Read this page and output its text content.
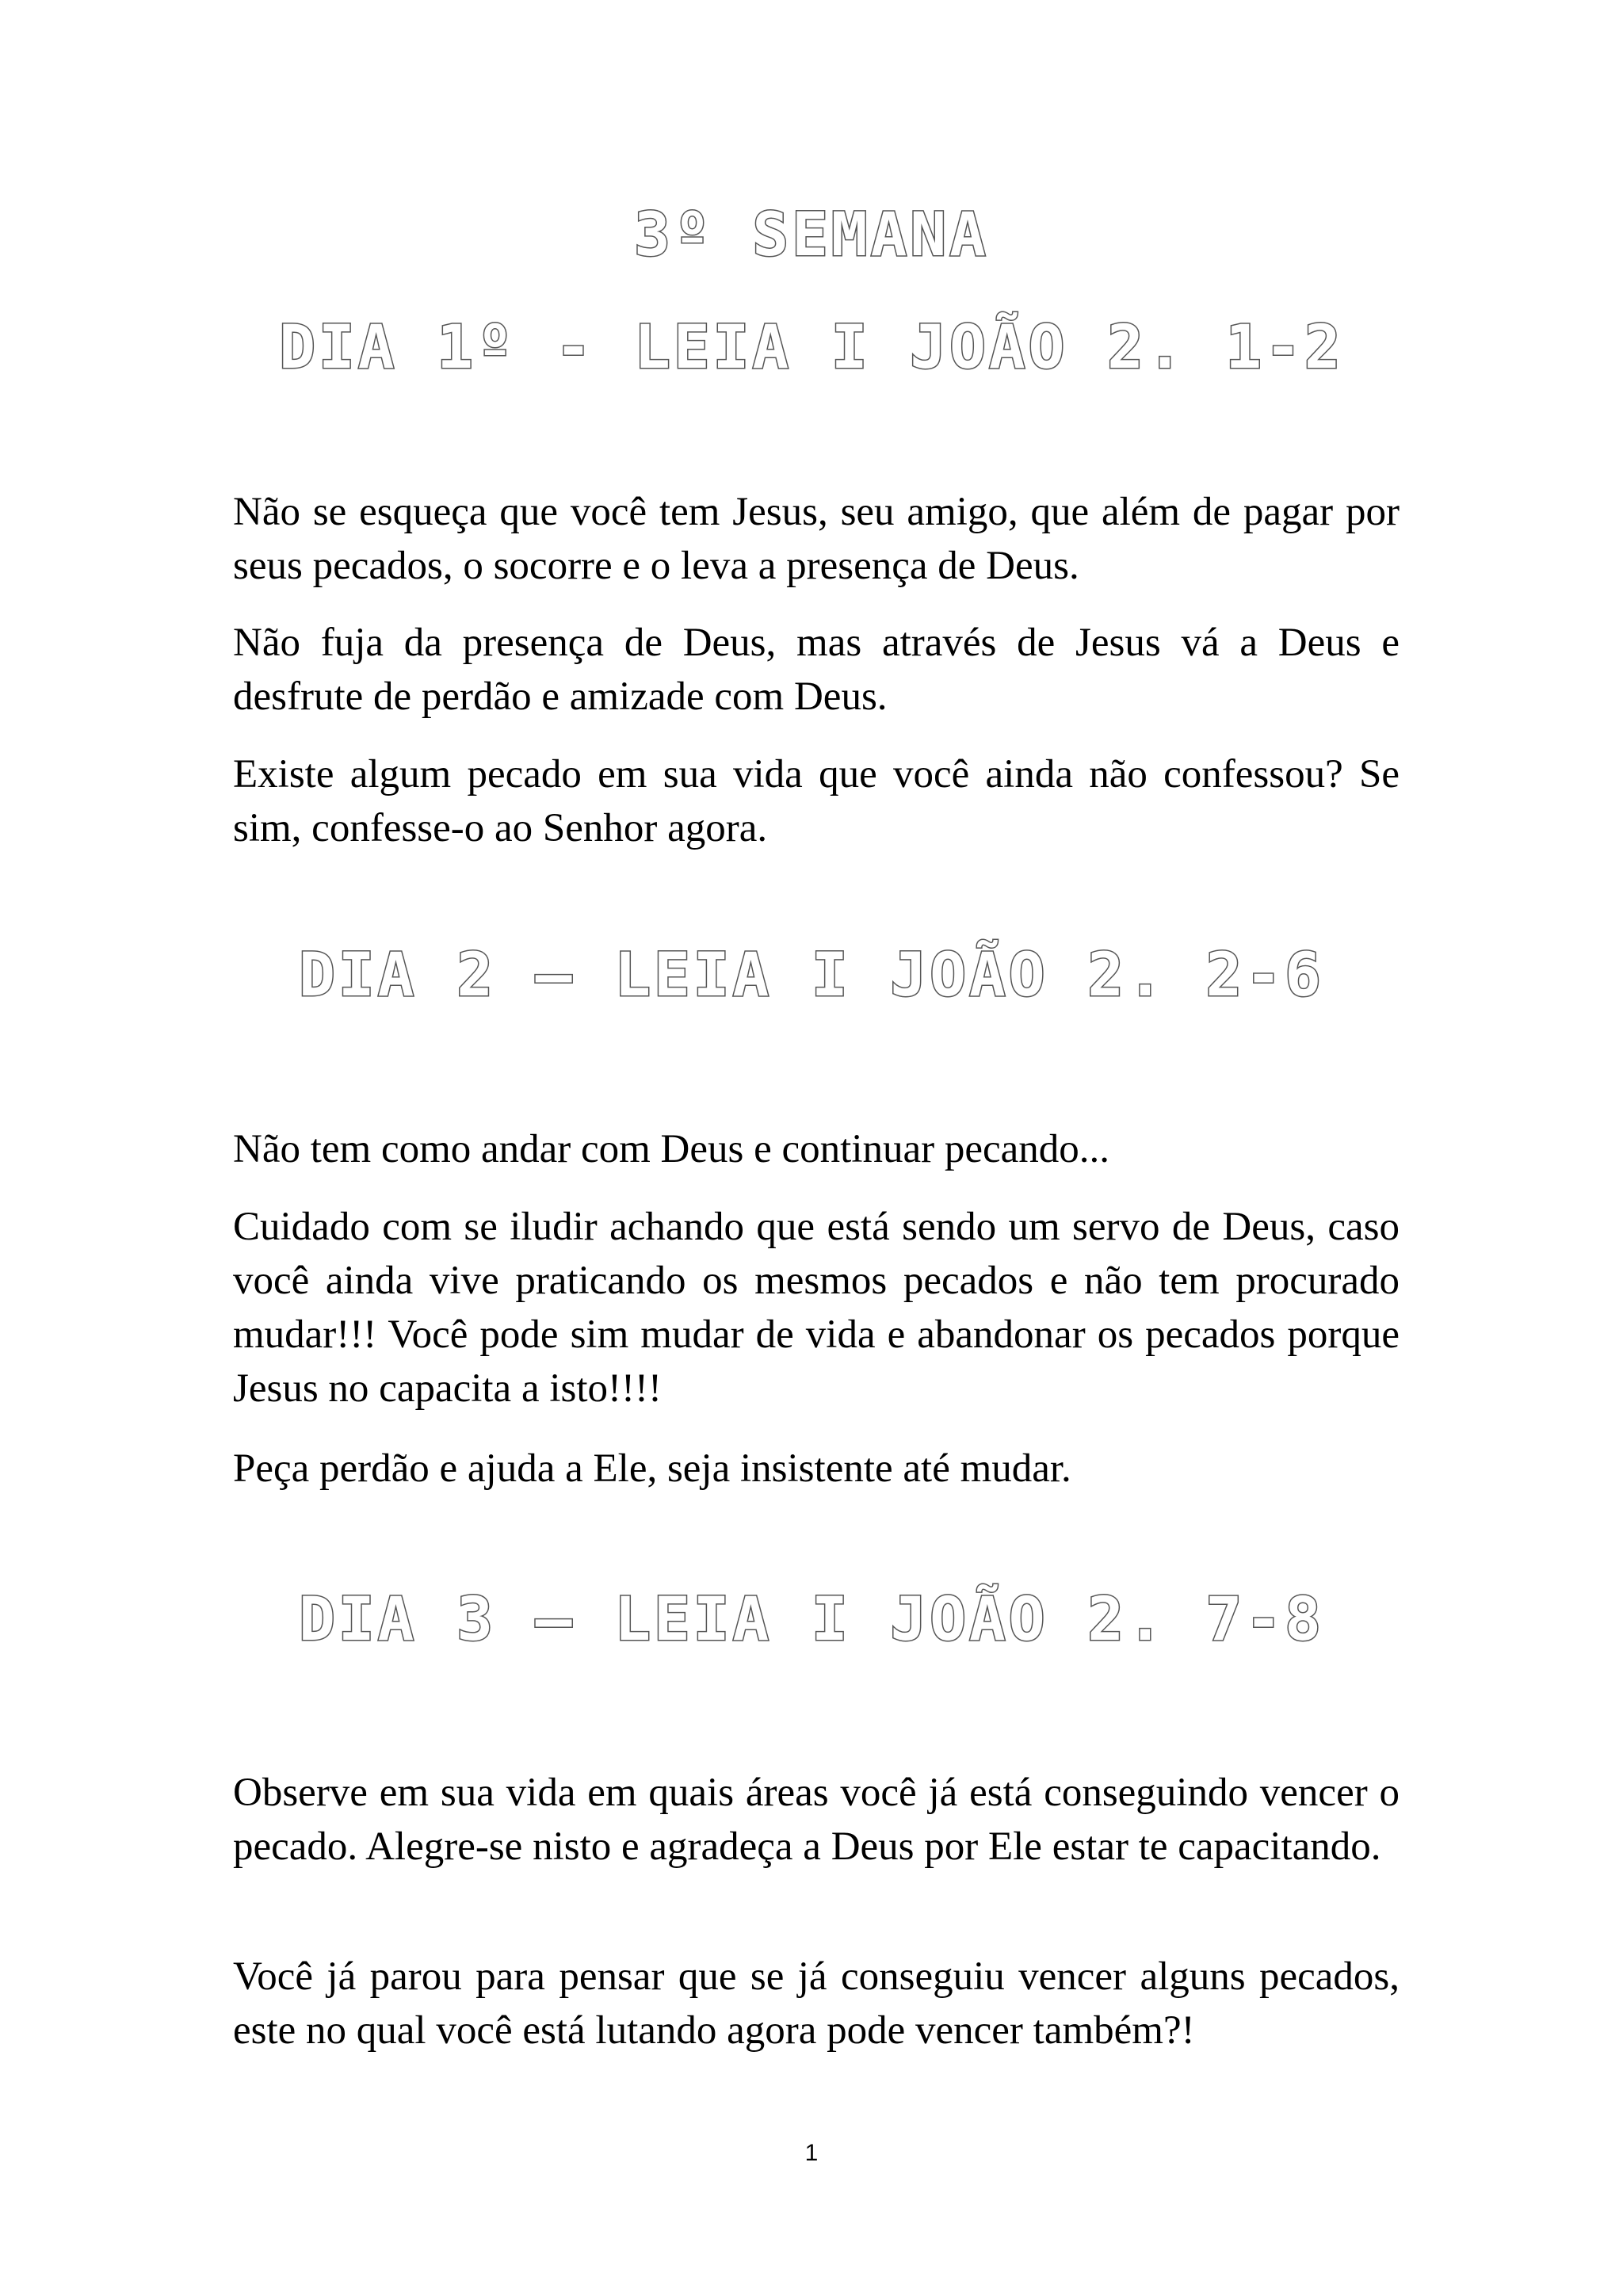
3º SEMANA
DIA 1º - LEIA I JOÃO 2. 1-2

Não se esqueça que você tem Jesus, seu amigo, que além de pagar por seus pecados, o socorre e o leva a presença de Deus.

Não fuja da presença de Deus, mas através de Jesus vá a Deus e desfrute de perdão e amizade com Deus.

Existe algum pecado em sua vida que você ainda não confessou? Se sim, confesse-o ao Senhor agora.

DIA 2 – LEIA I JOÃO 2. 2-6

Não tem como andar com Deus e continuar pecando...

Cuidado com se iludir achando que está sendo um servo de Deus, caso você ainda vive praticando os mesmos pecados e não tem procurado mudar!!! Você pode sim mudar de vida e abandonar os pecados porque Jesus no capacita a isto!!!!

Peça perdão e ajuda a Ele, seja insistente até mudar.

DIA 3 – LEIA I JOÃO 2. 7-8

Observe em sua vida em quais áreas você já está conseguindo vencer o pecado. Alegre-se nisto e agradeça a Deus por Ele estar te capacitando.

Você já parou para pensar que se já conseguiu vencer alguns pecados, este no qual você está lutando agora pode vencer também?!

1
